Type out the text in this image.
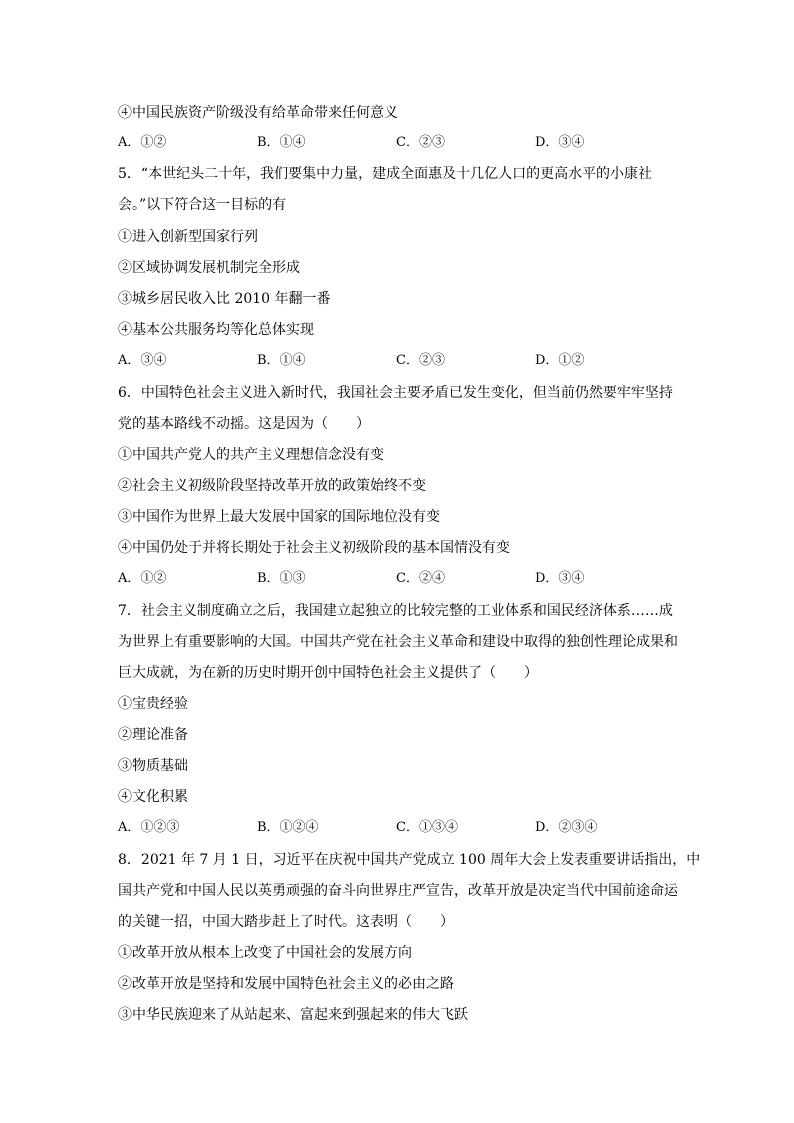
④中国民族资产阶级没有给革命带来任何意义
A．①②	B．①④	C．②③	D．③④
5．“本世纪头二十年，我们要集中力量，建成全面惠及十几亿人口的更高水平的小康社
会。”以下符合这一目标的有
①进入创新型国家行列
②区域协调发展机制完全形成
③城乡居民收入比 2010 年翻一番
④基本公共服务均等化总体实现
A．③④	B．①④	C．②③	D．①②
6．中国特色社会主义进入新时代，我国社会主要矛盾已发生变化，但当前仍然要牢牢坚持
党的基本路线不动摇。这是因为（　　）
①中国共产党人的共产主义理想信念没有变
②社会主义初级阶段坚持改革开放的政策始终不变
③中国作为世界上最大发展中国家的国际地位没有变
④中国仍处于并将长期处于社会主义初级阶段的基本国情没有变
A．①②	B．①③	C．②④	D．③④
7．社会主义制度确立之后，我国建立起独立的比较完整的工业体系和国民经济体系……成
为世界上有重要影响的大国。中国共产党在社会主义革命和建设中取得的独创性理论成果和
巨大成就，为在新的历史时期开创中国特色社会主义提供了（　　）
①宝贵经验
②理论准备
③物质基础
④文化积累
A．①②③	B．①②④	C．①③④	D．②③④
8．2021 年 7 月 1 日，习近平在庆祝中国共产党成立 100 周年大会上发表重要讲话指出，中
国共产党和中国人民以英勇顽强的奋斗向世界庄严宣告，改革开放是决定当代中国前途命运
的关键一招，中国大踏步赶上了时代。这表明（　　）
①改革开放从根本上改变了中国社会的发展方向
②改革开放是坚持和发展中国特色社会主义的必由之路
③中华民族迎来了从站起来、富起来到强起来的伟大飞跃
